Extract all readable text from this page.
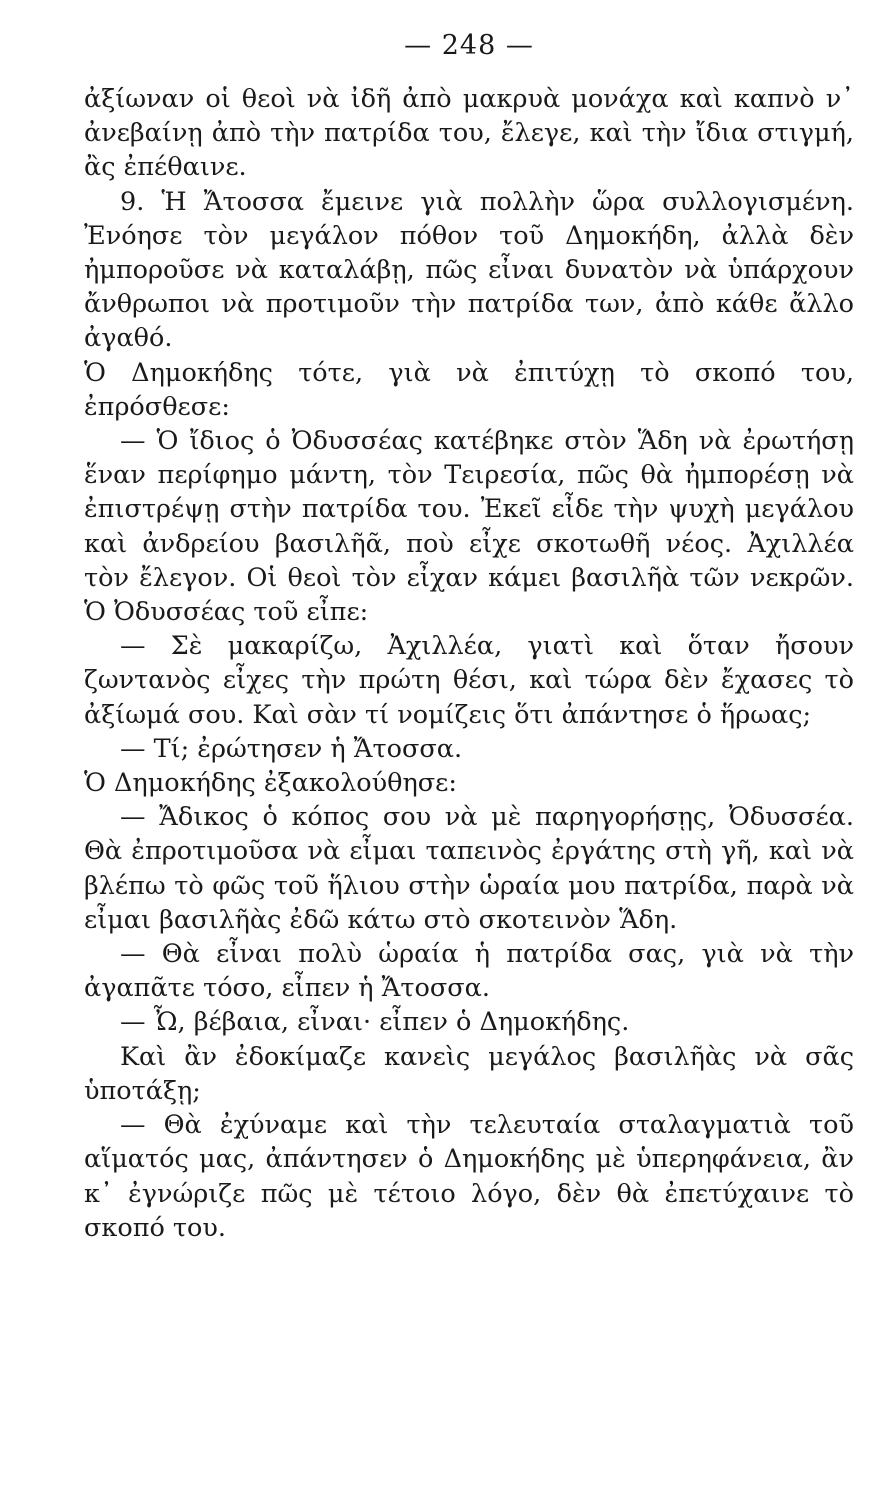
— 248 —

ἀξίωναν οἱ θεοὶ νὰ ἰδῆ ἀπὸ μακρυὰ μονάχα καὶ καπνὸ ν᾽ ἀνεβαίνῃ ἀπὸ τὴν πατρίδα του, ἔλεγε, καὶ τὴν ἴδια στιγμή, ἂς ἐπέθαινε.

9. Ἡ Ἄτοσσα ἔμεινε γιὰ πολλὴν ὥρα συλλογισμένη. Ἐνόησε τὸν μεγάλον πόθον τοῦ Δημοκήδη, ἀλλὰ δὲν ἠμποροῦσε νὰ καταλάβῃ, πῶς εἶναι δυνατὸν νὰ ὑπάρχουν ἄνθρωποι νὰ προτιμοῦν τὴν πατρίδα των, ἀπὸ κάθε ἄλλο ἀγαθό.

Ὁ Δημοκήδης τότε, γιὰ νὰ ἐπιτύχῃ τὸ σκοπό του, ἐπρόσθεσε:

— Ὁ ἴδιος ὁ Ὀδυσσέας κατέβηκε στὸν Ἅδη νὰ ἐρωτήσῃ ἕναν περίφημο μάντη, τὸν Τειρεσία, πῶς θὰ ἠμπορέσῃ νὰ ἐπιστρέψῃ στὴν πατρίδα του. Ἐκεῖ εἶδε τὴν ψυχὴ μεγάλου καὶ ἀνδρείου βασιλῆᾶ, ποὺ εἶχε σκοτωθῆ νέος. Ἀχιλλέα τὸν ἔλεγον. Οἱ θεοὶ τὸν εἶχαν κάμει βασιλῆὰ τῶν νεκρῶν. Ὁ Ὀδυσσέας τοῦ εἶπε:

— Σὲ μακαρίζω, Ἀχιλλέα, γιατὶ καὶ ὅταν ἤσουν ζωντανὸς εἶχες τὴν πρώτη θέσι, καὶ τώρα δὲν ἔχασες τὸ ἀξίωμά σου. Καὶ σὰν τί νομίζεις ὅτι ἀπάντησε ὁ ἥρωας;

— Τί; ἐρώτησεν ἡ Ἄτοσσα.

Ὁ Δημοκήδης ἐξακολούθησε:

— Ἄδικος ὁ κόπος σου νὰ μὲ παρηγορήσῃς, Ὀδυσσέα. Θὰ ἐπροτιμοῦσα νὰ εἶμαι ταπεινὸς ἐργάτης στὴ γῆ, καὶ νὰ βλέπω τὸ φῶς τοῦ ἥλιου στὴν ὡραία μου πατρίδα, παρὰ νὰ εἶμαι βασιλῆὰς ἐδῶ κάτω στὸ σκοτεινὸν Ἅδη.

— Θὰ εἶναι πολὺ ὡραία ἡ πατρίδα σας, γιὰ νὰ τὴν ἀγαπᾶτε τόσο, εἶπεν ἡ Ἄτοσσα.

— Ὦ, βέβαια, εἶναι· εἶπεν ὁ Δημοκήδης.

Καὶ ἂν ἐδοκίμαζε κανεὶς μεγάλος βασιλῆὰς νὰ σᾶς ὑποτάξῃ;

— Θὰ ἐχύναμε καὶ τὴν τελευταία σταλαγματιὰ τοῦ αἵματός μας, ἀπάντησεν ὁ Δημοκήδης μὲ ὑπερηφάνεια, ἂν κ᾽ ἐγνώριζε πῶς μὲ τέτοιο λόγο, δὲν θὰ ἐπετύχαινε τὸ σκοπό του.
